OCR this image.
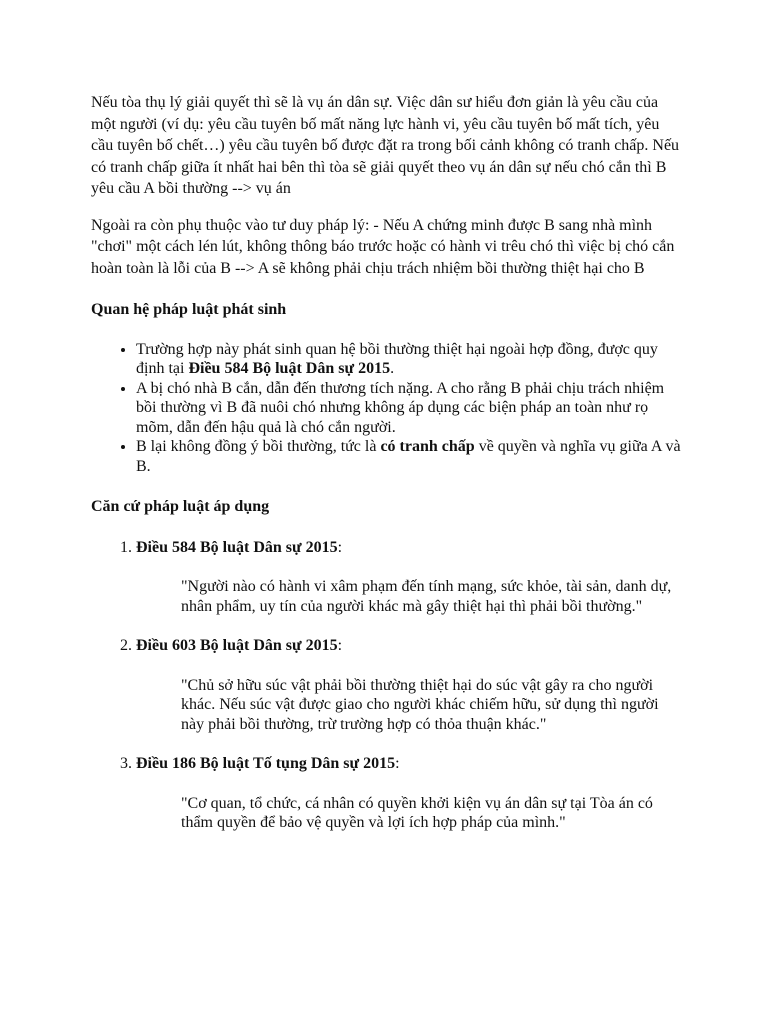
Nếu tòa thụ lý giải quyết thì sẽ là vụ án dân sự. Việc dân sư hiểu đơn giản là yêu cầu của một người (ví dụ: yêu cầu tuyên bố mất năng lực hành vi, yêu cầu tuyên bố mất tích, yêu cầu tuyên bố chết…) yêu cầu tuyên bố được đặt ra trong bối cảnh không có tranh chấp. Nếu có tranh chấp giữa ít nhất hai bên thì tòa sẽ giải quyết theo vụ án dân sự nếu chó cắn thì B yêu cầu A bồi thường --> vụ án

Ngoài ra còn phụ thuộc vào tư duy pháp lý: - Nếu A chứng minh được B sang nhà mình "chơi" một cách lén lút, không thông báo trước hoặc có hành vi trêu chó thì việc bị chó cắn hoàn toàn là lỗi của B --> A sẽ không phải chịu trách nhiệm bồi thường thiệt hại cho B

Quan hệ pháp luật phát sinh

• Trường hợp này phát sinh quan hệ bồi thường thiệt hại ngoài hợp đồng, được quy định tại Điều 584 Bộ luật Dân sự 2015.
• A bị chó nhà B cắn, dẫn đến thương tích nặng. A cho rằng B phải chịu trách nhiệm bồi thường vì B đã nuôi chó nhưng không áp dụng các biện pháp an toàn như rọ mõm, dẫn đến hậu quả là chó cắn người.
• B lại không đồng ý bồi thường, tức là có tranh chấp về quyền và nghĩa vụ giữa A và B.

Căn cứ pháp luật áp dụng

1. Điều 584 Bộ luật Dân sự 2015:
"Người nào có hành vi xâm phạm đến tính mạng, sức khỏe, tài sản, danh dự, nhân phẩm, uy tín của người khác mà gây thiệt hại thì phải bồi thường."
2. Điều 603 Bộ luật Dân sự 2015:
"Chủ sở hữu súc vật phải bồi thường thiệt hại do súc vật gây ra cho người khác. Nếu súc vật được giao cho người khác chiếm hữu, sử dụng thì người này phải bồi thường, trừ trường hợp có thỏa thuận khác."
3. Điều 186 Bộ luật Tố tụng Dân sự 2015:
"Cơ quan, tổ chức, cá nhân có quyền khởi kiện vụ án dân sự tại Tòa án có thẩm quyền để bảo vệ quyền và lợi ích hợp pháp của mình."
